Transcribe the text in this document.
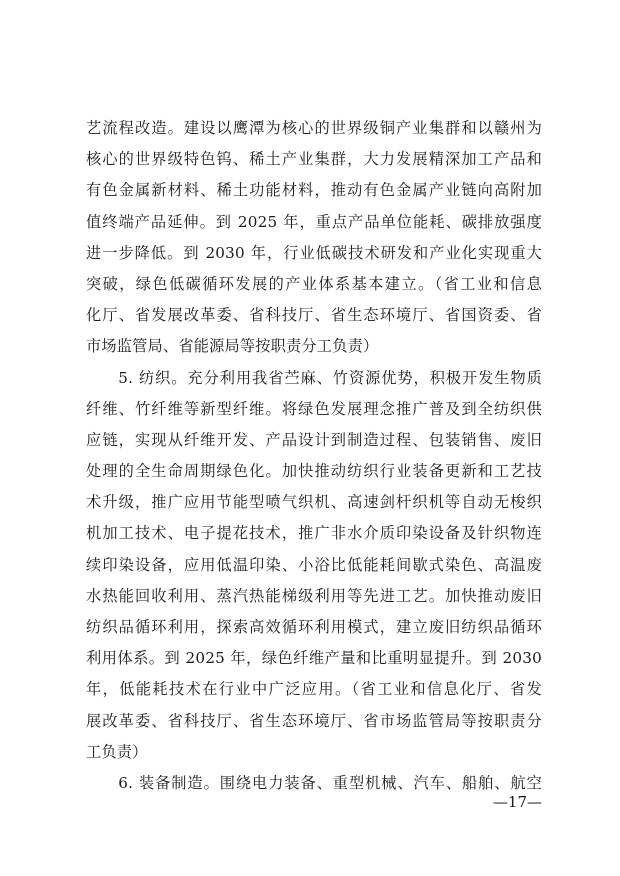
艺流程改造。建设以鹰潭为核心的世界级铜产业集群和以赣州为
核心的世界级特色钨、稀土产业集群，大力发展精深加工产品和
有色金属新材料、稀土功能材料，推动有色金属产业链向高附加
值终端产品延伸。到 2025 年，重点产品单位能耗、碳排放强度
进一步降低。到 2030 年，行业低碳技术研发和产业化实现重大
突破，绿色低碳循环发展的产业体系基本建立。（省工业和信息
化厅、省发展改革委、省科技厅、省生态环境厅、省国资委、省
市场监管局、省能源局等按职责分工负责）
　　5. 纺织。充分利用我省苎麻、竹资源优势，积极开发生物质
纤维、竹纤维等新型纤维。将绿色发展理念推广普及到全纺织供
应链，实现从纤维开发、产品设计到制造过程、包装销售、废旧
处理的全生命周期绿色化。加快推动纺织行业装备更新和工艺技
术升级，推广应用节能型喷气织机、高速剑杆织机等自动无梭织
机加工技术、电子提花技术，推广非水介质印染设备及针织物连
续印染设备，应用低温印染、小浴比低能耗间歇式染色、高温废
水热能回收利用、蒸汽热能梯级利用等先进工艺。加快推动废旧
纺织品循环利用，探索高效循环利用模式，建立废旧纺织品循环
利用体系。到 2025 年，绿色纤维产量和比重明显提升。到 2030
年，低能耗技术在行业中广泛应用。（省工业和信息化厅、省发
展改革委、省科技厅、省生态环境厅、省市场监管局等按职责分
工负责）
　　6. 装备制造。围绕电力装备、重型机械、汽车、船舶、航空
—17—
